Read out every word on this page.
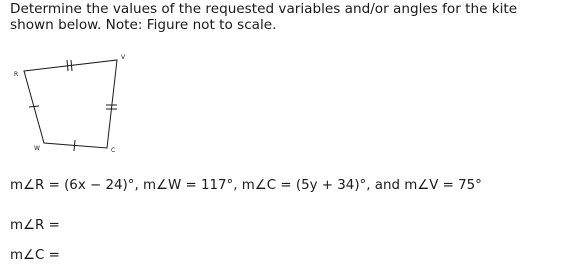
Determine the values of the requested variables and/or angles for the kite shown below. Note: Figure not to scale.

R
V
W	C

m∠R = (6x − 24)°, m∠W = 117°, m∠C = (5y + 34)°, and m∠V = 75°

m∠R =

m∠C =
